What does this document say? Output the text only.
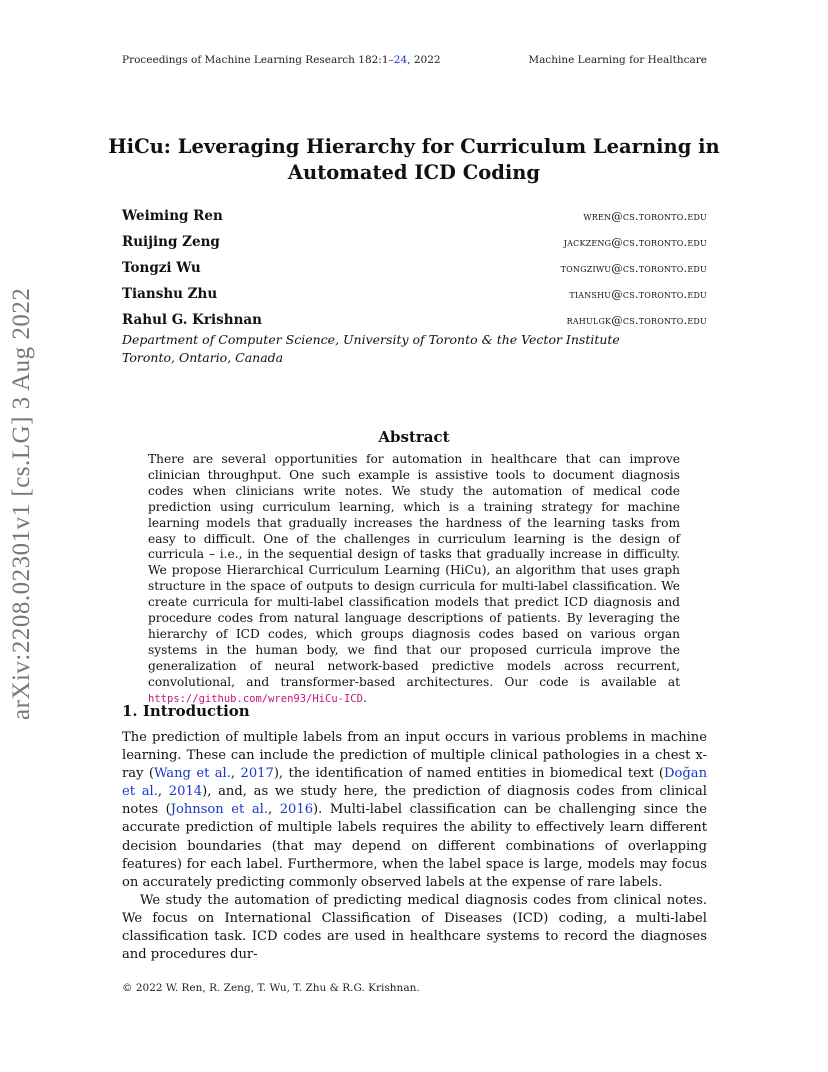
Proceedings of Machine Learning Research 182:1–24, 2022	Machine Learning for Healthcare
arXiv:2208.02301v1 [cs.LG] 3 Aug 2022
HiCu: Leveraging Hierarchy for Curriculum Learning in
Automated ICD Coding
Weiming Ren	wren@cs.toronto.edu
Ruijing Zeng	jackzeng@cs.toronto.edu
Tongzi Wu	tongziwu@cs.toronto.edu
Tianshu Zhu	tianshu@cs.toronto.edu
Rahul G. Krishnan	rahulgk@cs.toronto.edu
Department of Computer Science, University of Toronto & the Vector Institute
Toronto, Ontario, Canada
Abstract
There are several opportunities for automation in healthcare that can improve clinician throughput. One such example is assistive tools to document diagnosis codes when clinicians write notes. We study the automation of medical code prediction using curriculum learning, which is a training strategy for machine learning models that gradually increases the hardness of the learning tasks from easy to difficult. One of the challenges in curriculum learning is the design of curricula – i.e., in the sequential design of tasks that gradually increase in difficulty. We propose Hierarchical Curriculum Learning (HiCu), an algorithm that uses graph structure in the space of outputs to design curricula for multi-label classification. We create curricula for multi-label classification models that predict ICD diagnosis and procedure codes from natural language descriptions of patients. By leveraging the hierarchy of ICD codes, which groups diagnosis codes based on various organ systems in the human body, we find that our proposed curricula improve the generalization of neural network-based predictive models across recurrent, convolutional, and transformer-based architectures. Our code is available at https://github.com/wren93/HiCu-ICD.
1. Introduction

The prediction of multiple labels from an input occurs in various problems in machine learning. These can include the prediction of multiple clinical pathologies in a chest x-ray (Wang et al., 2017), the identification of named entities in biomedical text (Doğan et al., 2014), and, as we study here, the prediction of diagnosis codes from clinical notes (Johnson et al., 2016). Multi-label classification can be challenging since the accurate prediction of multiple labels requires the ability to effectively learn different decision boundaries (that may depend on different combinations of overlapping features) for each label. Furthermore, when the label space is large, models may focus on accurately predicting commonly observed labels at the expense of rare labels.

We study the automation of predicting medical diagnosis codes from clinical notes. We focus on International Classification of Diseases (ICD) coding, a multi-label classification task. ICD codes are used in healthcare systems to record the diagnoses and procedures dur-

© 2022 W. Ren, R. Zeng, T. Wu, T. Zhu & R.G. Krishnan.
